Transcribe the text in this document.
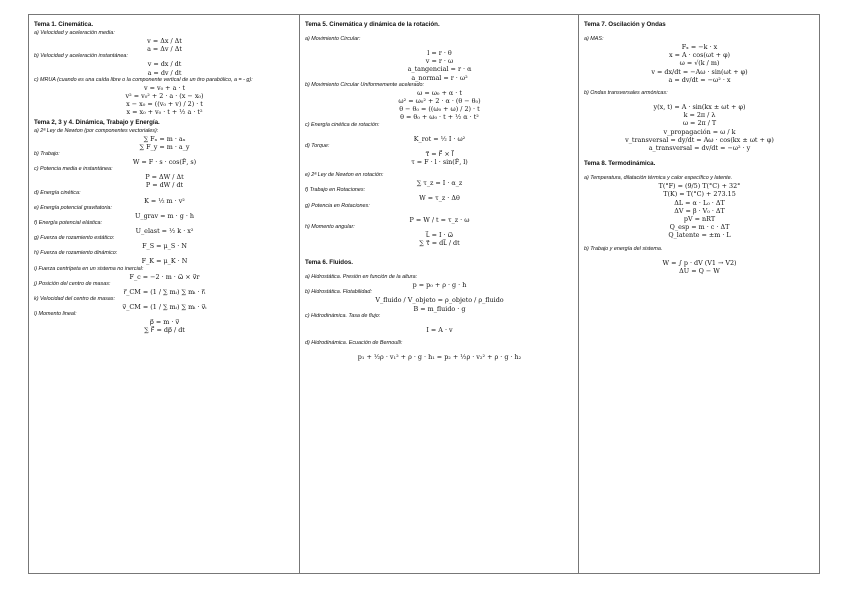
Tema 1. Cinemática.
a) Velocidad y aceleración media:
v = Δx / Δt
a = Δv / Δt
b) Velocidad y aceleración instantánea:
v = dx / dt
a = dv / dt
c) MRUA (cuando es una caída libre o la componente vertical de un tiro parabólico, a = - g):
v = v₀ + a · t
v² = v₀² + 2 · a · (x − x₀)
x − x₀ = ((v₀ + v) / 2) · t
x = x₀ + v₀ · t + ½ a · t²
Tema 2, 3 y 4. Dinámica, Trabajo y Energía.
a) 2ª Ley de Newton (por componentes vectoriales):
∑ Fₓ = m · aₓ
∑ F_y = m · a_y
b) Trabajo:
W = F · s · cos(F̂, s)
c) Potencia media e instantánea:
P = ΔW / Δt
P = dW / dt
d) Energía cinética:
K = ½ m · v²
e) Energía potencial gravitatoria:
U_grav = m · g · h
f) Energía potencial elástica:
U_elast = ½ k · x²
g) Fuerza de rozamiento estático:
F_S = μ_S · N
h) Fuerza de rozamiento dinámico:
F_K = μ_K · N
i) Fuerza centrípeta en un sistema no inercial:
F_c = −2 · m · ω⃗ × v⃗r
j) Posición del centro de masas:
r⃗_CM = (1 / ∑ mᵢ) ∑ mᵢ · r⃗ᵢ
k) Velocidad del centro de masas:
v⃗_CM = (1 / ∑ mᵢ) ∑ mᵢ · v⃗ᵢ
l) Momento lineal:
p⃗ = m · v⃗
∑ F⃗ = dp⃗ / dt
Tema 5. Cinemática y dinámica de la rotación.
a) Movimiento Circular:
l = r · θ
v = r · ω
a_tangencial = r · α
a_normal = r · ω²
b) Movimiento Circular Uniformemente acelerado:
ω = ω₀ + α · t
ω² = ω₀² + 2 · α · (θ − θ₀)
θ − θ₀ = ((ω₀ + ω) / 2) · t
θ = θ₀ + ω₀ · t + ½ α · t²
c) Energía cinética de rotación:
K_rot = ½ I · ω²
d) Torque:
τ⃗ = F⃗ × l⃗
τ = F · l · sin(F̂, l)
e) 2ª Ley de Newton en rotación:
∑ τ_z = I · α_z
f) Trabajo en Rotaciones:
W = τ_z · Δθ
g) Potencia en Rotaciones:
P = W / t = τ_z · ω
h) Momento angular:
L⃗ = I · ω⃗
∑ τ⃗ = dL⃗ / dt
Tema 6. Fluidos.
a) Hidrostática. Presión en función de la altura:
p = p₀ + ρ · g · h
b) Hidrostática. Flotabilidad:
V_fluido / V_objeto = ρ_objeto / ρ_fluido
B = m_fluido · g
c) Hidrodinámica. Tasa de flujo:
I = A · v
d) Hidrodinámica. Ecuación de Bernoulli:
p₁ + ½ρ · v₁² + ρ · g · h₁ = p₂ + ½ρ · v₂² + ρ · g · h₂
Tema 7. Oscilación y Ondas
a) MAS:
Fₓ = −k · x
x = A · cos(ωt + φ)
ω = √(k / m)
v = dx/dt = −Aω · sin(ωt + φ)
a = dv/dt = −ω² · x
b) Ondas transversales armónicas:
y(x, t) = A · sin(kx ± ωt + φ)
k = 2π / λ
ω = 2π / T
v_propagación = ω / k
v_transversal = dy/dt = Aω · cos(kx ± ωt + φ)
a_transversal = dv/dt = −ω² · y
Tema 8. Termodinámica.
a) Temperatura, dilatación térmica y calor específico y latente.
T(°F) = (9/5) T(°C) + 32°
T(K) = T(°C) + 273.15
ΔL = α · L₀ · ΔT
ΔV = β · V₀ · ΔT
pV = nRT
Q_esp = m · c · ΔT
Q_latente = ±m · L
b) Trabajo y energía del sistema.
W = ∫ p · dV (V1 → V2)
ΔU = Q − W
